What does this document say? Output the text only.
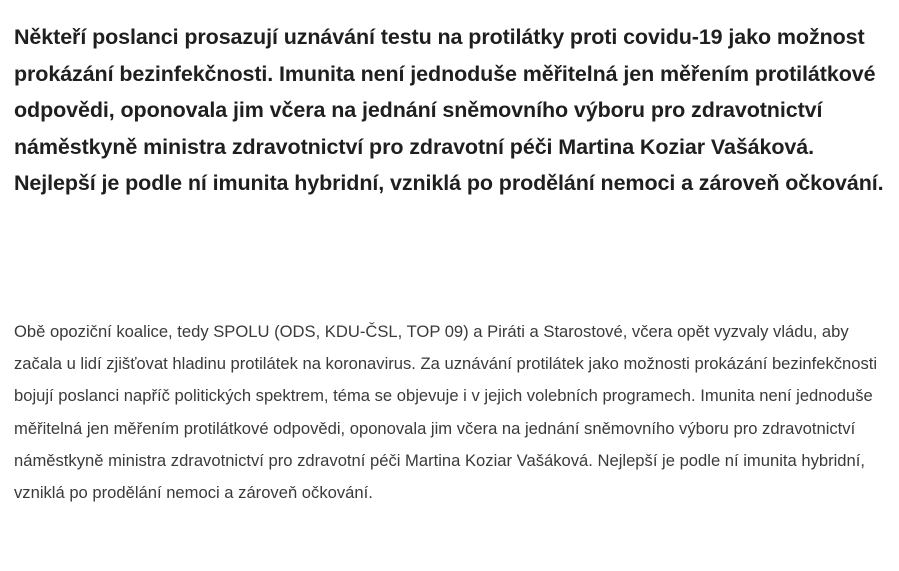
Někteří poslanci prosazují uznávání testu na protilátky proti covidu-19 jako možnost prokázání bezinfekčnosti. Imunita není jednoduše měřitelná jen měřením protilátkové odpovědi, oponovala jim včera na jednání sněmovního výboru pro zdravotnictví náměstkyně ministra zdravotnictví pro zdravotní péči Martina Koziar Vašáková. Nejlepší je podle ní imunita hybridní, vzniklá po prodělání nemoci a zároveň očkování.

Obě opoziční koalice, tedy SPOLU (ODS, KDU-ČSL, TOP 09) a Piráti a Starostové, včera opět vyzvaly vládu, aby začala u lidí zjišťovat hladinu protilátek na koronavirus. Za uznávání protilátek jako možnosti prokázání bezinfekčnosti bojují poslanci napříč politických spektrem, téma se objevuje i v jejich volebních programech. Imunita není jednoduše měřitelná jen měřením protilátkové odpovědi, oponovala jim včera na jednání sněmovního výboru pro zdravotnictví náměstkyně ministra zdravotnictví pro zdravotní péči Martina Koziar Vašáková. Nejlepší je podle ní imunita hybridní, vzniklá po prodělání nemoci a zároveň očkování.
